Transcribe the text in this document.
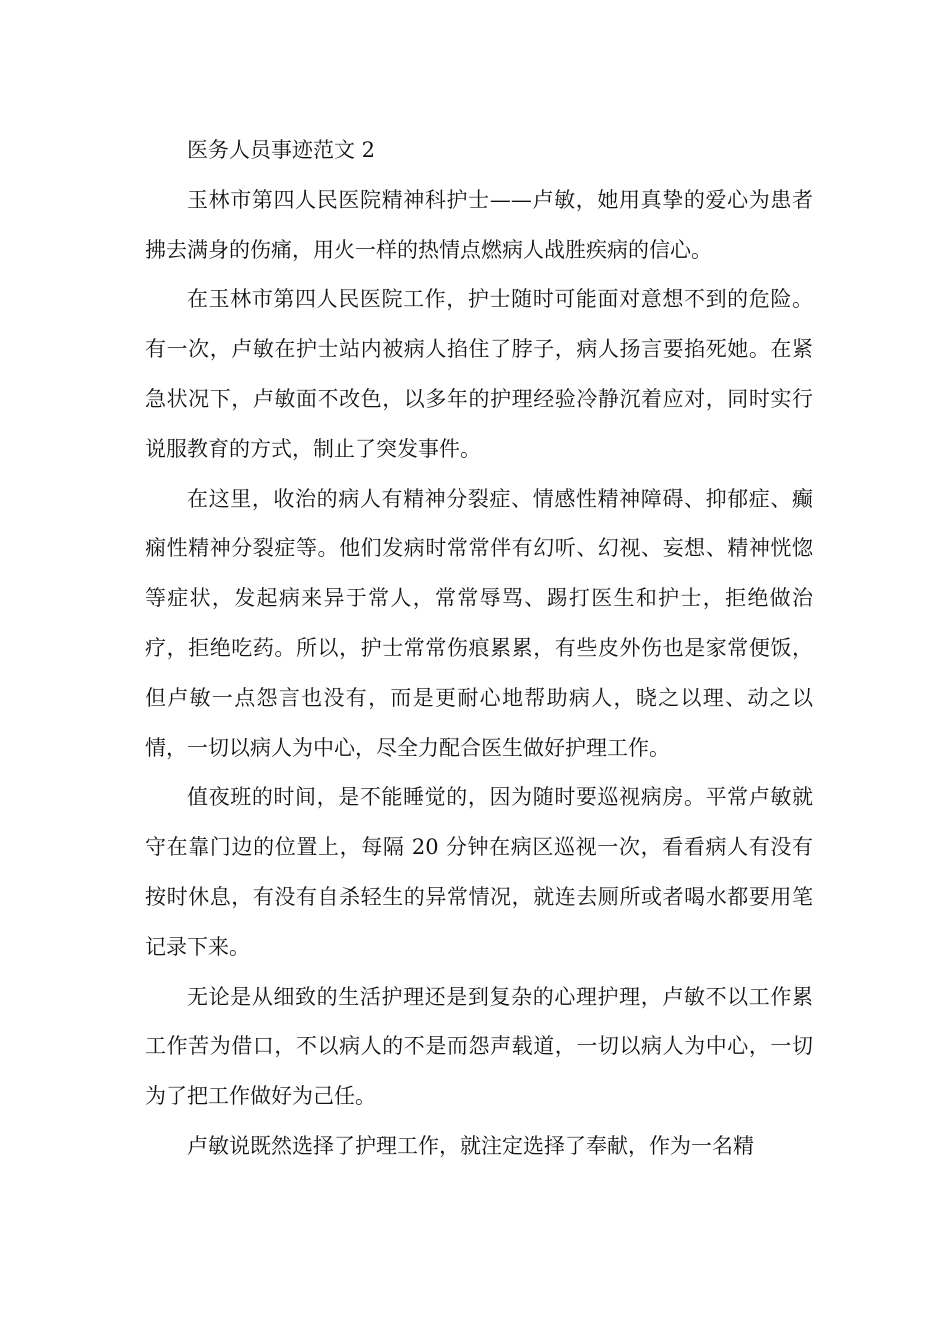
医务人员事迹范文 2

玉林市第四人民医院精神科护士——卢敏，她用真挚的爱心为患者拂去满身的伤痛，用火一样的热情点燃病人战胜疾病的信心。

在玉林市第四人民医院工作，护士随时可能面对意想不到的危险。有一次，卢敏在护士站内被病人掐住了脖子，病人扬言要掐死她。在紧急状况下，卢敏面不改色，以多年的护理经验冷静沉着应对，同时实行说服教育的方式，制止了突发事件。

在这里，收治的病人有精神分裂症、情感性精神障碍、抑郁症、癫痫性精神分裂症等。他们发病时常常伴有幻听、幻视、妄想、精神恍惚等症状，发起病来异于常人，常常辱骂、踢打医生和护士，拒绝做治疗，拒绝吃药。所以，护士常常伤痕累累，有些皮外伤也是家常便饭，但卢敏一点怨言也没有，而是更耐心地帮助病人，晓之以理、动之以情，一切以病人为中心，尽全力配合医生做好护理工作。

值夜班的时间，是不能睡觉的，因为随时要巡视病房。平常卢敏就守在靠门边的位置上，每隔 20 分钟在病区巡视一次，看看病人有没有按时休息，有没有自杀轻生的异常情况，就连去厕所或者喝水都要用笔记录下来。

无论是从细致的生活护理还是到复杂的心理护理，卢敏不以工作累工作苦为借口，不以病人的不是而怨声载道，一切以病人为中心，一切为了把工作做好为己任。

卢敏说既然选择了护理工作，就注定选择了奉献，作为一名精
